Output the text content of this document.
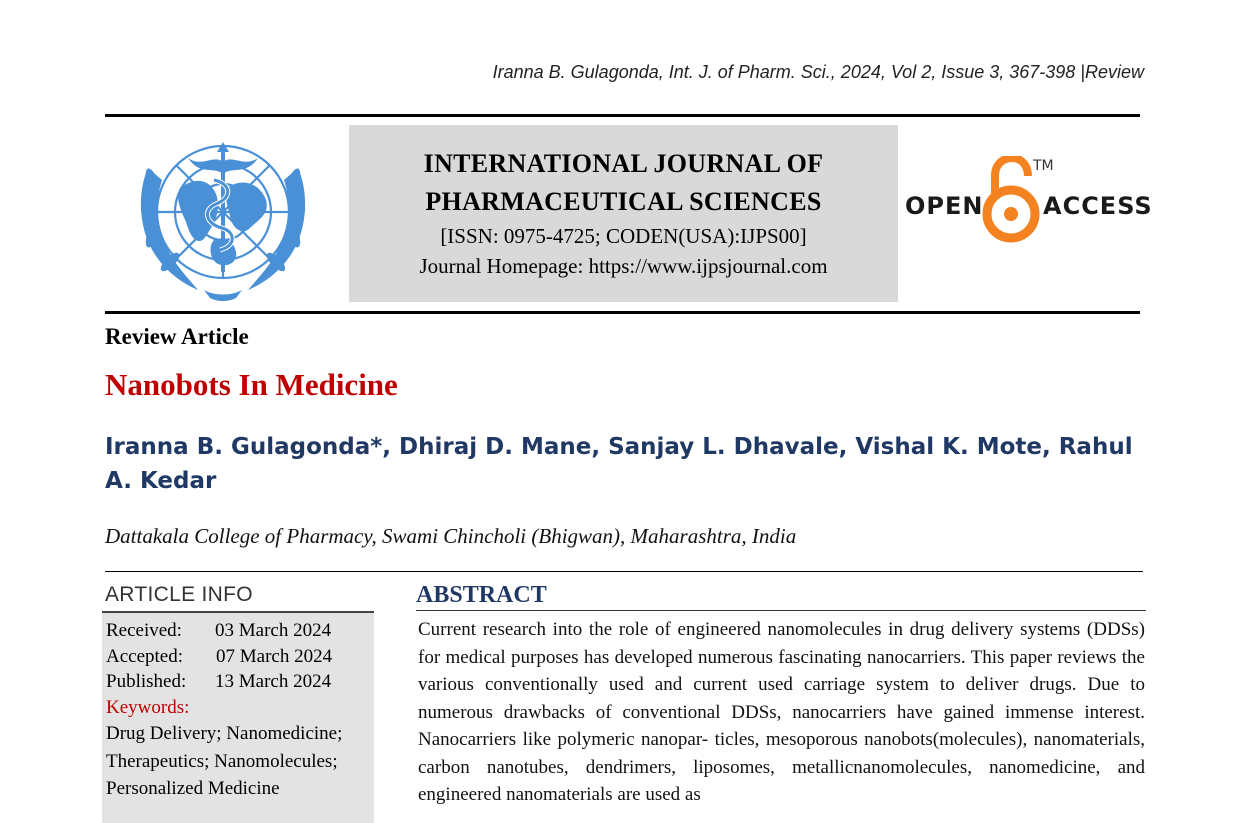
Iranna B. Gulagonda, Int. J. of Pharm. Sci., 2024, Vol 2, Issue 3, 367-398 |Review
INTERNATIONAL JOURNAL OF
PHARMACEUTICAL SCIENCES
[ISSN: 0975-4725; CODEN(USA):IJPS00]
Journal Homepage: https://www.ijpsjournal.com
OPEN
TM
ACCESS
Review Article
Nanobots In Medicine
Iranna B. Gulagonda*, Dhiraj D. Mane, Sanjay L. Dhavale, Vishal K. Mote, Rahul A. Kedar
Dattakala College of Pharmacy, Swami Chincholi (Bhigwan), Maharashtra, India
ARTICLE INFO
Received: 03 March 2024
Accepted: 07 March 2024
Published: 13 March 2024
Keywords:
Drug Delivery; Nanomedicine; Therapeutics; Nanomolecules; Personalized Medicine
ABSTRACT
Current research into the role of engineered nanomolecules in drug delivery systems (DDSs) for medical purposes has developed numerous fascinating nanocarriers. This paper reviews the various conventionally used and current used carriage system to deliver drugs. Due to numerous drawbacks of conventional DDSs, nanocarriers have gained immense interest. Nanocarriers like polymeric nanopar- ticles, mesoporous nanobots(molecules), nanomaterials, carbon nanotubes, dendrimers, liposomes, metallicnanomolecules, nanomedicine, and engineered nanomaterials are used as
